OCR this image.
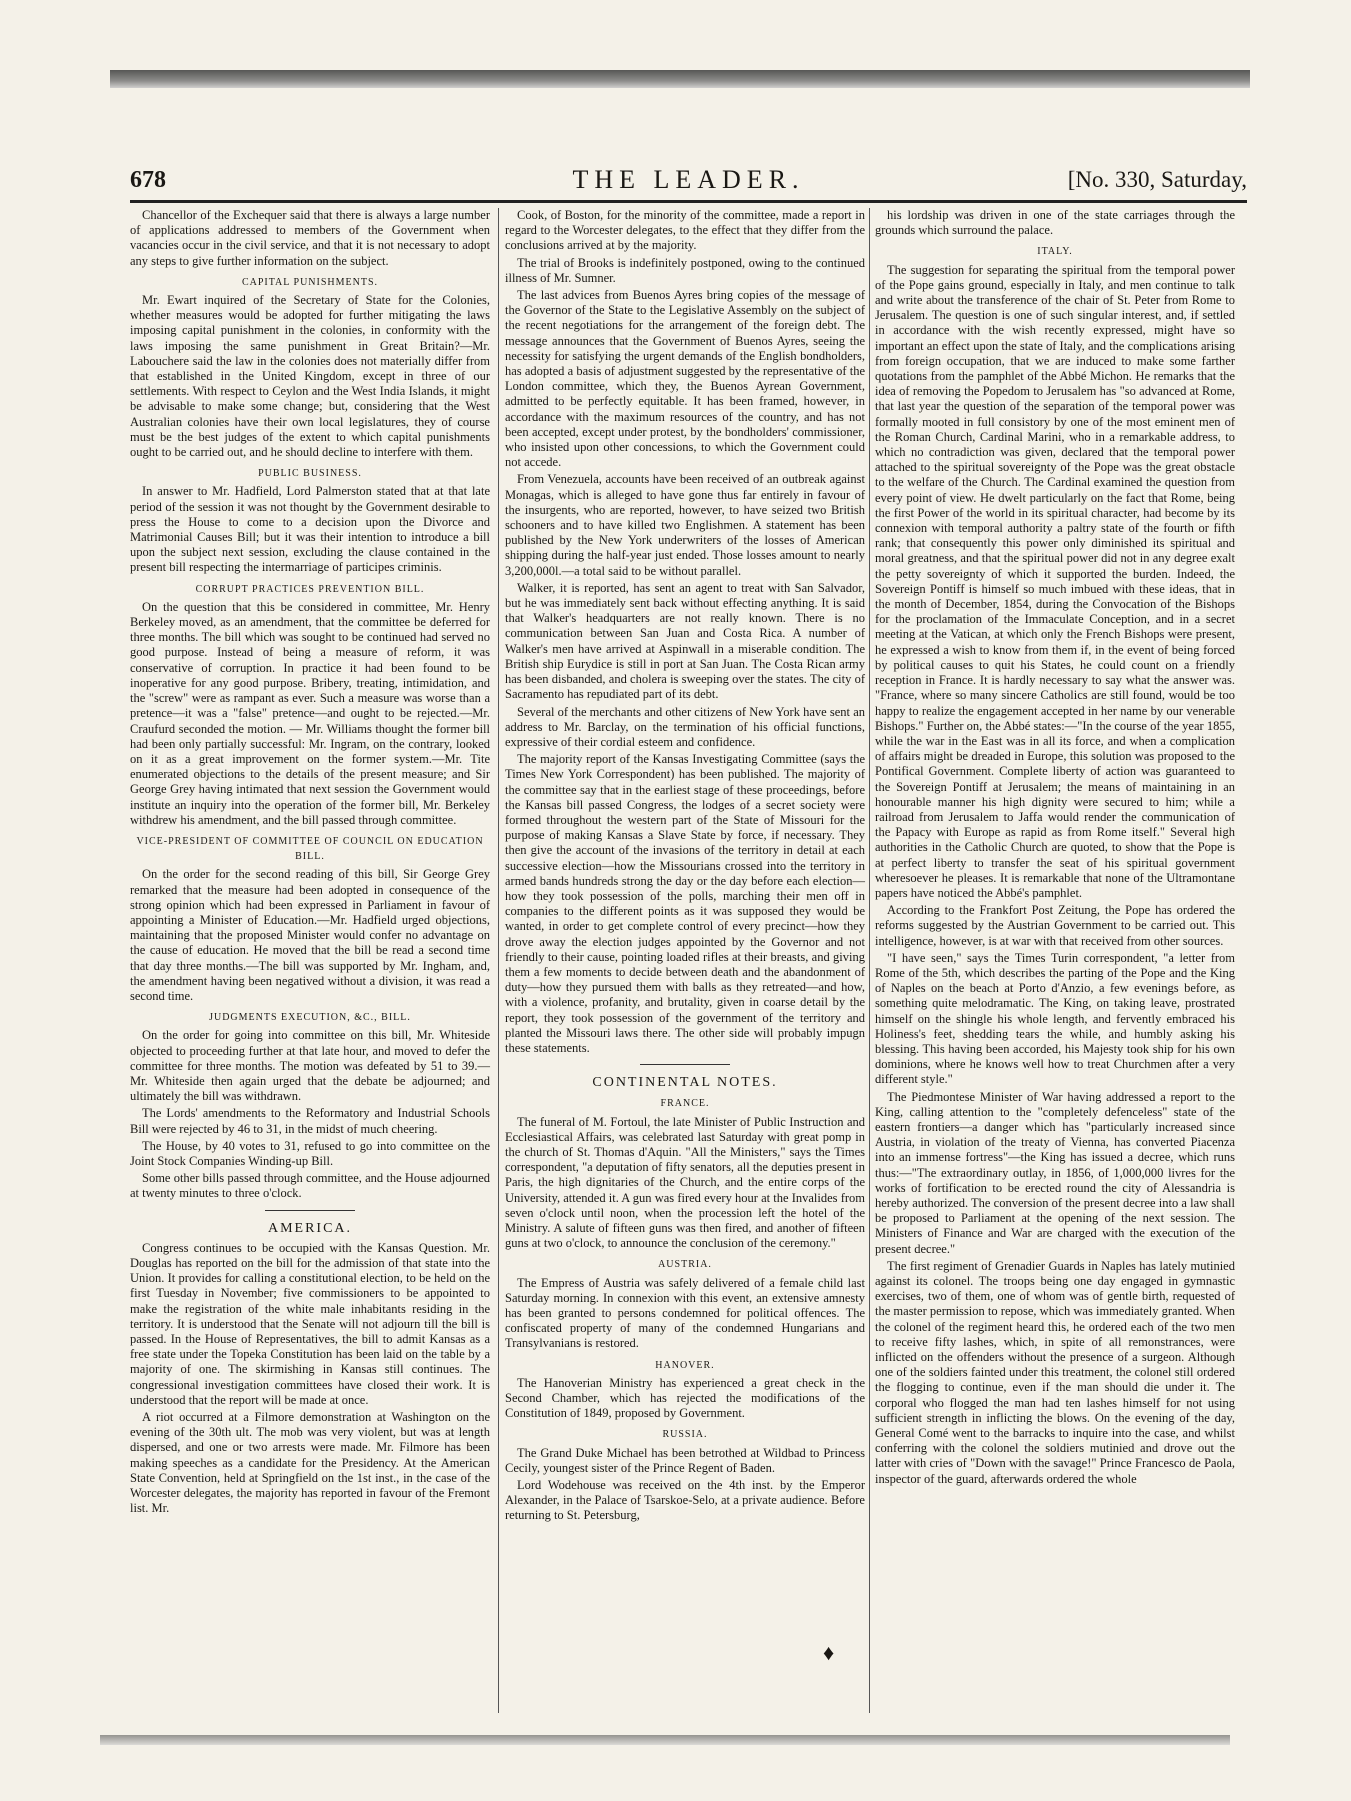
678	THE LEADER.	[No. 330, Saturday,

Chancellor of the Exchequer said that there is always a large number of applications addressed to members of the Government when vacancies occur in the civil service, and that it is not necessary to adopt any steps to give further information on the subject.

CAPITAL PUNISHMENTS.

Mr. Ewart inquired of the Secretary of State for the Colonies, whether measures would be adopted for further mitigating the laws imposing capital punishment in the colonies, in conformity with the laws imposing the same punishment in Great Britain?—Mr. Labouchere said the law in the colonies does not materially differ from that established in the United Kingdom, except in three of our settlements. With respect to Ceylon and the West India Islands, it might be advisable to make some change; but, considering that the West Australian colonies have their own local legislatures, they of course must be the best judges of the extent to which capital punishments ought to be carried out, and he should decline to interfere with them.

PUBLIC BUSINESS.

In answer to Mr. Hadfield, Lord Palmerston stated that at that late period of the session it was not thought by the Government desirable to press the House to come to a decision upon the Divorce and Matrimonial Causes Bill; but it was their intention to introduce a bill upon the subject next session, excluding the clause contained in the present bill respecting the intermarriage of participes criminis.

CORRUPT PRACTICES PREVENTION BILL.

On the question that this be considered in committee, Mr. Henry Berkeley moved, as an amendment, that the committee be deferred for three months. The bill which was sought to be continued had served no good purpose. Instead of being a measure of reform, it was conservative of corruption. In practice it had been found to be inoperative for any good purpose. Bribery, treating, intimidation, and the "screw" were as rampant as ever. Such a measure was worse than a pretence—it was a "false" pretence—and ought to be rejected.—Mr. Craufurd seconded the motion. — Mr. Williams thought the former bill had been only partially successful: Mr. Ingram, on the contrary, looked on it as a great improvement on the former system.—Mr. Tite enumerated objections to the details of the present measure; and Sir George Grey having intimated that next session the Government would institute an inquiry into the operation of the former bill, Mr. Berkeley withdrew his amendment, and the bill passed through committee.

VICE-PRESIDENT OF COMMITTEE OF COUNCIL ON EDUCATION BILL.

On the order for the second reading of this bill, Sir George Grey remarked that the measure had been adopted in consequence of the strong opinion which had been expressed in Parliament in favour of appointing a Minister of Education.—Mr. Hadfield urged objections, maintaining that the proposed Minister would confer no advantage on the cause of education. He moved that the bill be read a second time that day three months.—The bill was supported by Mr. Ingham, and, the amendment having been negatived without a division, it was read a second time.

JUDGMENTS EXECUTION, &C., BILL.

On the order for going into committee on this bill, Mr. Whiteside objected to proceeding further at that late hour, and moved to defer the committee for three months. The motion was defeated by 51 to 39.—Mr. Whiteside then again urged that the debate be adjourned; and ultimately the bill was withdrawn.

The Lords' amendments to the Reformatory and Industrial Schools Bill were rejected by 46 to 31, in the midst of much cheering.

The House, by 40 votes to 31, refused to go into committee on the Joint Stock Companies Winding-up Bill.

Some other bills passed through committee, and the House adjourned at twenty minutes to three o'clock.

AMERICA.

Congress continues to be occupied with the Kansas Question. Mr. Douglas has reported on the bill for the admission of that state into the Union. It provides for calling a constitutional election, to be held on the first Tuesday in November; five commissioners to be appointed to make the registration of the white male inhabitants residing in the territory. It is understood that the Senate will not adjourn till the bill is passed. In the House of Representatives, the bill to admit Kansas as a free state under the Topeka Constitution has been laid on the table by a majority of one. The skirmishing in Kansas still continues. The congressional investigation committees have closed their work. It is understood that the report will be made at once.

A riot occurred at a Filmore demonstration at Washington on the evening of the 30th ult. The mob was very violent, but was at length dispersed, and one or two arrests were made. Mr. Filmore has been making speeches as a candidate for the Presidency. At the American State Convention, held at Springfield on the 1st inst., in the case of the Worcester delegates, the majority has reported in favour of the Fremont list. Mr.

Cook, of Boston, for the minority of the committee, made a report in regard to the Worcester delegates, to the effect that they differ from the conclusions arrived at by the majority.

The trial of Brooks is indefinitely postponed, owing to the continued illness of Mr. Sumner.

The last advices from Buenos Ayres bring copies of the message of the Governor of the State to the Legislative Assembly on the subject of the recent negotiations for the arrangement of the foreign debt. The message announces that the Government of Buenos Ayres, seeing the necessity for satisfying the urgent demands of the English bondholders, has adopted a basis of adjustment suggested by the representative of the London committee, which they, the Buenos Ayrean Government, admitted to be perfectly equitable. It has been framed, however, in accordance with the maximum resources of the country, and has not been accepted, except under protest, by the bondholders' commissioner, who insisted upon other concessions, to which the Government could not accede.

From Venezuela, accounts have been received of an outbreak against Monagas, which is alleged to have gone thus far entirely in favour of the insurgents, who are reported, however, to have seized two British schooners and to have killed two Englishmen. A statement has been published by the New York underwriters of the losses of American shipping during the half-year just ended. Those losses amount to nearly 3,200,000l.—a total said to be without parallel.

Walker, it is reported, has sent an agent to treat with San Salvador, but he was immediately sent back without effecting anything. It is said that Walker's headquarters are not really known. There is no communication between San Juan and Costa Rica. A number of Walker's men have arrived at Aspinwall in a miserable condition. The British ship Eurydice is still in port at San Juan. The Costa Rican army has been disbanded, and cholera is sweeping over the states. The city of Sacramento has repudiated part of its debt.

Several of the merchants and other citizens of New York have sent an address to Mr. Barclay, on the termination of his official functions, expressive of their cordial esteem and confidence.

The majority report of the Kansas Investigating Committee (says the Times New York Correspondent) has been published. The majority of the committee say that in the earliest stage of these proceedings, before the Kansas bill passed Congress, the lodges of a secret society were formed throughout the western part of the State of Missouri for the purpose of making Kansas a Slave State by force, if necessary. They then give the account of the invasions of the territory in detail at each successive election—how the Missourians crossed into the territory in armed bands hundreds strong the day or the day before each election—how they took possession of the polls, marching their men off in companies to the different points as it was supposed they would be wanted, in order to get complete control of every precinct—how they drove away the election judges appointed by the Governor and not friendly to their cause, pointing loaded rifles at their breasts, and giving them a few moments to decide between death and the abandonment of duty—how they pursued them with balls as they retreated—and how, with a violence, profanity, and brutality, given in coarse detail by the report, they took possession of the government of the territory and planted the Missouri laws there. The other side will probably impugn these statements.

CONTINENTAL NOTES.
FRANCE.

The funeral of M. Fortoul, the late Minister of Public Instruction and Ecclesiastical Affairs, was celebrated last Saturday with great pomp in the church of St. Thomas d'Aquin. "All the Ministers," says the Times correspondent, "a deputation of fifty senators, all the deputies present in Paris, the high dignitaries of the Church, and the entire corps of the University, attended it. A gun was fired every hour at the Invalides from seven o'clock until noon, when the procession left the hotel of the Ministry. A salute of fifteen guns was then fired, and another of fifteen guns at two o'clock, to announce the conclusion of the ceremony."

AUSTRIA.

The Empress of Austria was safely delivered of a female child last Saturday morning. In connexion with this event, an extensive amnesty has been granted to persons condemned for political offences. The confiscated property of many of the condemned Hungarians and Transylvanians is restored.

HANOVER.

The Hanoverian Ministry has experienced a great check in the Second Chamber, which has rejected the modifications of the Constitution of 1849, proposed by Government.

RUSSIA.

The Grand Duke Michael has been betrothed at Wildbad to Princess Cecily, youngest sister of the Prince Regent of Baden.

Lord Wodehouse was received on the 4th inst. by the Emperor Alexander, in the Palace of Tsarskoe-Selo, at a private audience. Before returning to St. Petersburg,

his lordship was driven in one of the state carriages through the grounds which surround the palace.

ITALY.

The suggestion for separating the spiritual from the temporal power of the Pope gains ground, especially in Italy, and men continue to talk and write about the transference of the chair of St. Peter from Rome to Jerusalem. The question is one of such singular interest, and, if settled in accordance with the wish recently expressed, might have so important an effect upon the state of Italy, and the complications arising from foreign occupation, that we are induced to make some farther quotations from the pamphlet of the Abbé Michon. He remarks that the idea of removing the Popedom to Jerusalem has "so advanced at Rome, that last year the question of the separation of the temporal power was formally mooted in full consistory by one of the most eminent men of the Roman Church, Cardinal Marini, who in a remarkable address, to which no contradiction was given, declared that the temporal power attached to the spiritual sovereignty of the Pope was the great obstacle to the welfare of the Church. The Cardinal examined the question from every point of view. He dwelt particularly on the fact that Rome, being the first Power of the world in its spiritual character, had become by its connexion with temporal authority a paltry state of the fourth or fifth rank; that consequently this power only diminished its spiritual and moral greatness, and that the spiritual power did not in any degree exalt the petty sovereignty of which it supported the burden. Indeed, the Sovereign Pontiff is himself so much imbued with these ideas, that in the month of December, 1854, during the Convocation of the Bishops for the proclamation of the Immaculate Conception, and in a secret meeting at the Vatican, at which only the French Bishops were present, he expressed a wish to know from them if, in the event of being forced by political causes to quit his States, he could count on a friendly reception in France. It is hardly necessary to say what the answer was. "France, where so many sincere Catholics are still found, would be too happy to realize the engagement accepted in her name by our venerable Bishops." Further on, the Abbé states:—"In the course of the year 1855, while the war in the East was in all its force, and when a complication of affairs might be dreaded in Europe, this solution was proposed to the Pontifical Government. Complete liberty of action was guaranteed to the Sovereign Pontiff at Jerusalem; the means of maintaining in an honourable manner his high dignity were secured to him; while a railroad from Jerusalem to Jaffa would render the communication of the Papacy with Europe as rapid as from Rome itself." Several high authorities in the Catholic Church are quoted, to show that the Pope is at perfect liberty to transfer the seat of his spiritual government wheresoever he pleases. It is remarkable that none of the Ultramontane papers have noticed the Abbé's pamphlet.

According to the Frankfort Post Zeitung, the Pope has ordered the reforms suggested by the Austrian Government to be carried out. This intelligence, however, is at war with that received from other sources.

"I have seen," says the Times Turin correspondent, "a letter from Rome of the 5th, which describes the parting of the Pope and the King of Naples on the beach at Porto d'Anzio, a few evenings before, as something quite melodramatic. The King, on taking leave, prostrated himself on the shingle his whole length, and fervently embraced his Holiness's feet, shedding tears the while, and humbly asking his blessing. This having been accorded, his Majesty took ship for his own dominions, where he knows well how to treat Churchmen after a very different style."

The Piedmontese Minister of War having addressed a report to the King, calling attention to the "completely defenceless" state of the eastern frontiers—a danger which has "particularly increased since Austria, in violation of the treaty of Vienna, has converted Piacenza into an immense fortress"—the King has issued a decree, which runs thus:—"The extraordinary outlay, in 1856, of 1,000,000 livres for the works of fortification to be erected round the city of Alessandria is hereby authorized. The conversion of the present decree into a law shall be proposed to Parliament at the opening of the next session. The Ministers of Finance and War are charged with the execution of the present decree."

The first regiment of Grenadier Guards in Naples has lately mutinied against its colonel. The troops being one day engaged in gymnastic exercises, two of them, one of whom was of gentle birth, requested of the master permission to repose, which was immediately granted. When the colonel of the regiment heard this, he ordered each of the two men to receive fifty lashes, which, in spite of all remonstrances, were inflicted on the offenders without the presence of a surgeon. Although one of the soldiers fainted under this treatment, the colonel still ordered the flogging to continue, even if the man should die under it. The corporal who flogged the man had ten lashes himself for not using sufficient strength in inflicting the blows. On the evening of the day, General Comé went to the barracks to inquire into the case, and whilst conferring with the colonel the soldiers mutinied and drove out the latter with cries of "Down with the savage!" Prince Francesco de Paola, inspector of the guard, afterwards ordered the whole

♦
